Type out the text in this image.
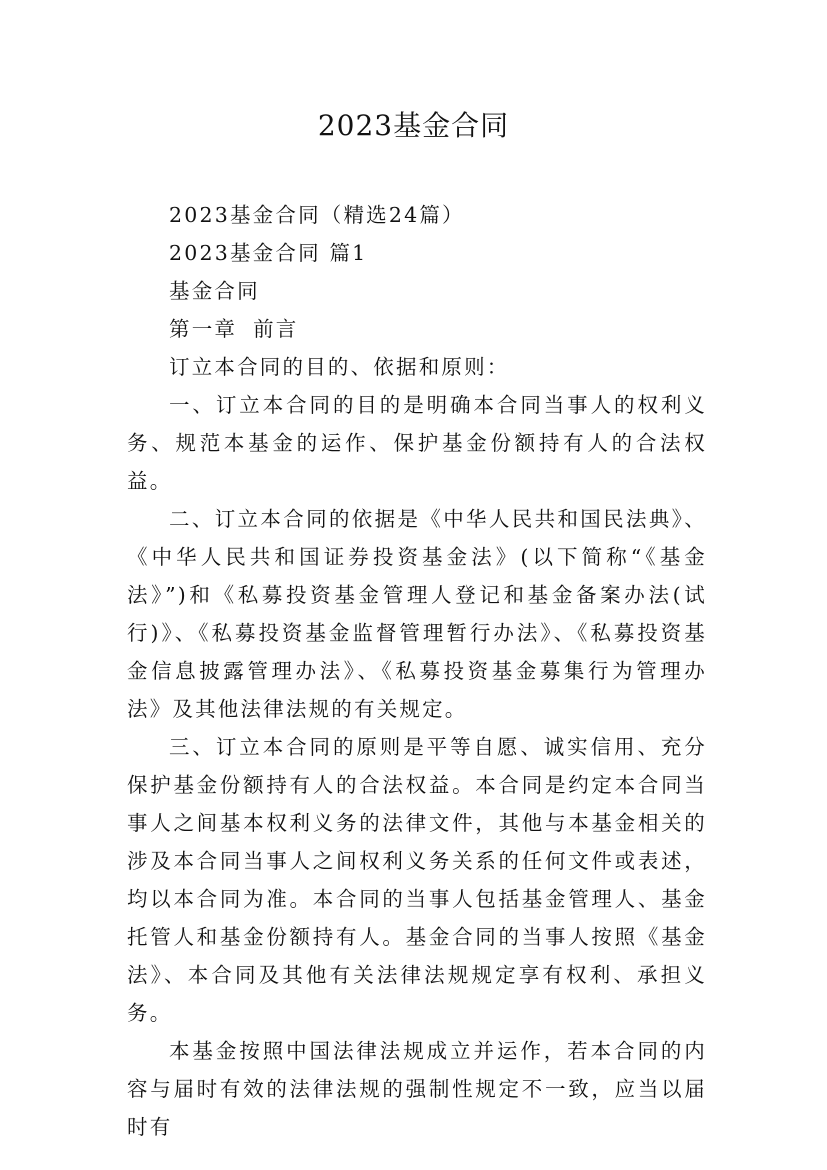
2023基金合同

2023基金合同（精选24篇）

2023基金合同 篇1

基金合同

第一章 前言

订立本合同的目的、依据和原则：

一、订立本合同的目的是明确本合同当事人的权利义务、规范本基金的运作、保护基金份额持有人的合法权益。

二、订立本合同的依据是《中华人民共和国民法典》、《中华人民共和国证券投资基金法》(以下简称“《基金法》”)和《私募投资基金管理人登记和基金备案办法(试行)》、《私募投资基金监督管理暂行办法》、《私募投资基金信息披露管理办法》、《私募投资基金募集行为管理办法》及其他法律法规的有关规定。

三、订立本合同的原则是平等自愿、诚实信用、充分保护基金份额持有人的合法权益。本合同是约定本合同当事人之间基本权利义务的法律文件，其他与本基金相关的涉及本合同当事人之间权利义务关系的任何文件或表述，均以本合同为准。本合同的当事人包括基金管理人、基金托管人和基金份额持有人。基金合同的当事人按照《基金法》、本合同及其他有关法律法规规定享有权利、承担义务。

本基金按照中国法律法规成立并运作，若本合同的内容与届时有效的法律法规的强制性规定不一致，应当以届时有
